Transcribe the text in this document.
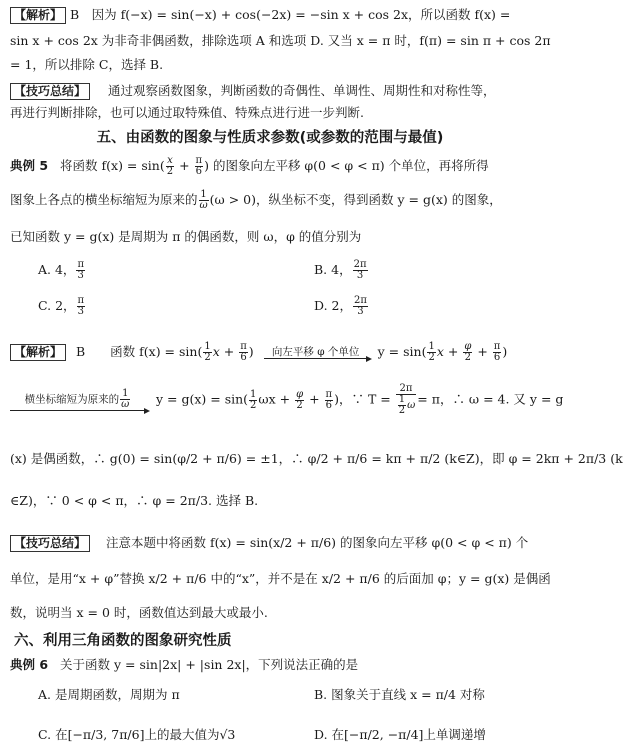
【解析】 B　因为 f(−x) = sin(−x) + cos(−2x) = −sin x + cos 2x，所以函数 f(x) =
sin x + cos 2x 为非奇非偶函数，排除选项 A 和选项 D. 又当 x = π 时，f(π) = sin π + cos 2π
= 1，所以排除 C，选择 B.
【技巧总结】 通过观察函数图象，判断函数的奇偶性、单调性、周期性和对称性等，
再进行判断排除，也可以通过取特殊值、特殊点进行进一步判断.
五、由函数的图象与性质求参数(或参数的范围与最值)
典例 5 将函数 $f(x) = \sin( \frac{x}{2} + \frac{\pi}{6}$ ) 的图象向左平移 φ(0 < φ < π) 个单位，再将所得
图象上各点的横坐标缩短为原来的 $\frac{1}{\omega} (\omega > 0)$，纵坐标不变，得到函数 y = g(x) 的图象，
已知函数 y = g(x) 是周期为 π 的偶函数，则 ω，φ 的值分别为
A. 4， $\frac{\pi}{3}$	B. 4， $\frac{2\pi}{3}$
C. 2， $\frac{\pi}{3}$	D. 2， $\frac{2\pi}{3}$
【解析】 B　　函数 $f(x) = \sin( \frac{1}{2}$ $x + \frac{\pi}{6}$ ) 向左平移 φ 个单位 $y = \sin( \frac{1}{2}$ $x + \frac{\varphi}{2} + \frac{\pi}{6}$ )
横坐标缩短为原来的 $\frac{1}{\omega}$ $y = g(x) = \sin( \frac{1}{2}$ $\omega x + \frac{\varphi}{2} + \frac{\pi}{6}$ )，∵ $T = \frac{2\pi}{\frac{1}{2} \omega} = \pi$，∴ ω = 4. 又 y = g
(x) 是偶函数，∴ g(0) = sin(φ/2 + π/6) = ±1，∴ φ/2 + π/6 = kπ + π/2 (k∈Z)，即 φ = 2kπ + 2π/3 (k
∈Z)，∵ 0 < φ < π，∴ φ = 2π/3. 选择 B.
【技巧总结】 注意本题中将函数 f(x) = sin(x/2 + π/6) 的图象向左平移 φ(0 < φ < π) 个
单位，是用“x + φ”替换 x/2 + π/6 中的“x”，并不是在 x/2 + π/6 的后面加 φ；y = g(x) 是偶函
数，说明当 x = 0 时，函数值达到最大或最小.
六、利用三角函数的图象研究性质
典例 6 关于函数 y = sin|2x| + |sin 2x|，下列说法正确的是
A. 是周期函数，周期为 π	B. 图象关于直线 x = π/4 对称
C. 在[−π/3, 7π/6]上的最大值为√3	D. 在[−π/2, −π/4]上单调递增
